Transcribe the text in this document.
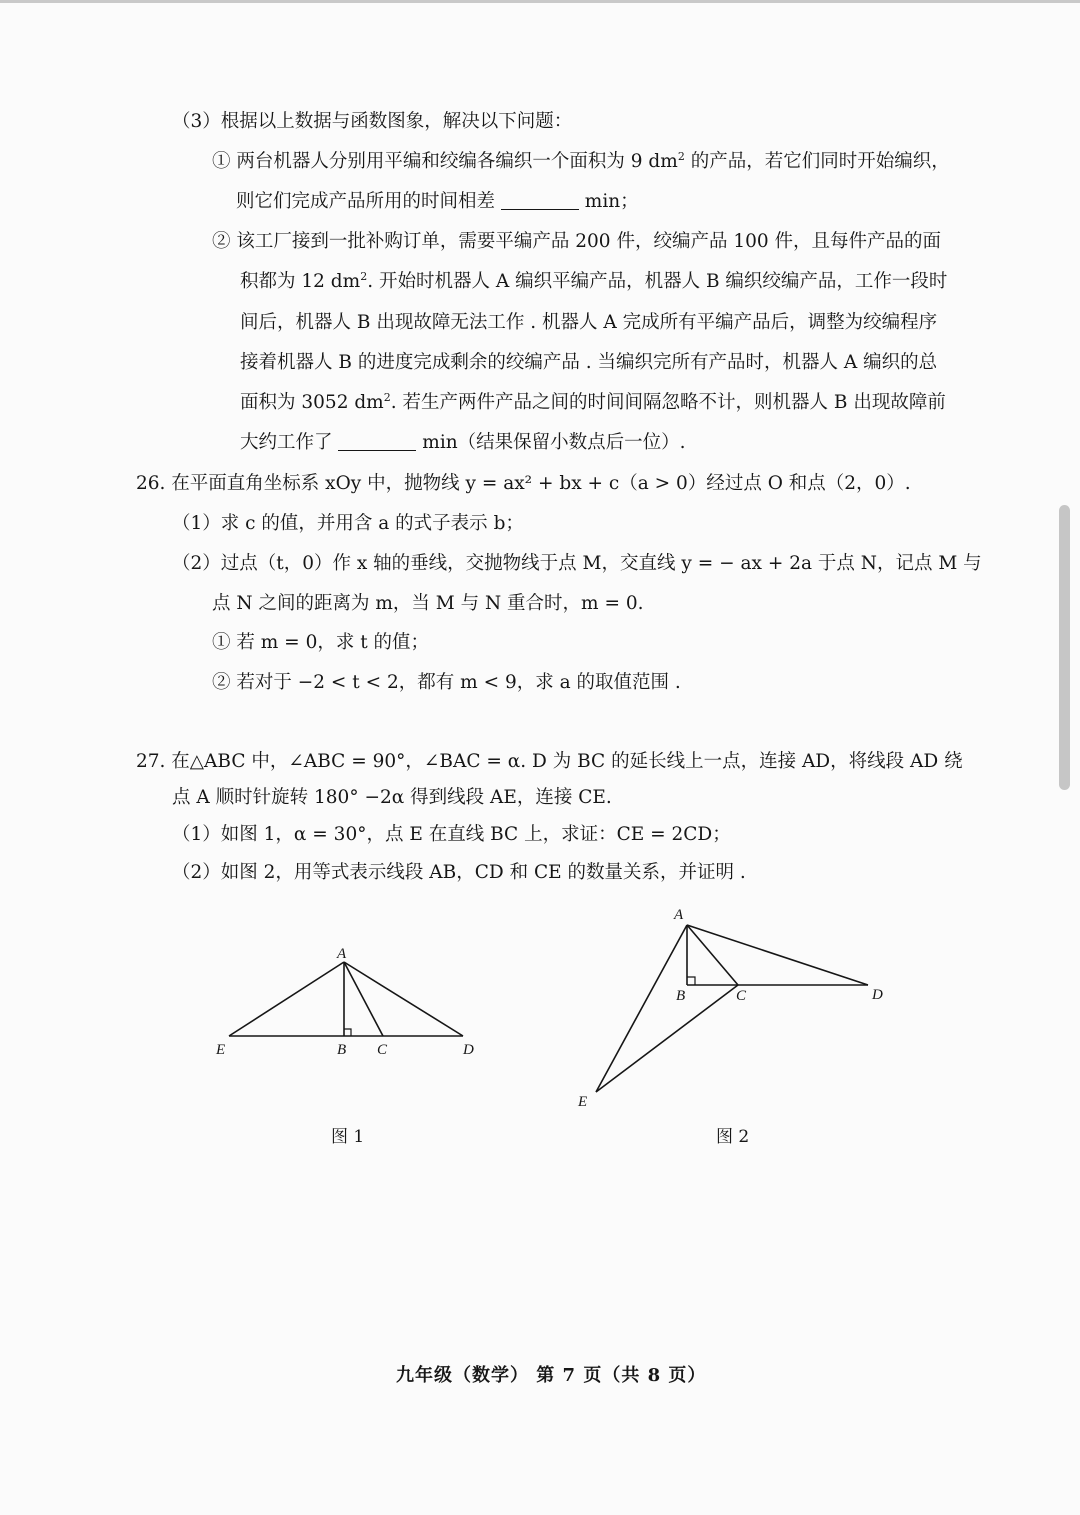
（3）根据以上数据与函数图象，解决以下问题：
① 两台机器人分别用平编和绞编各编织一个面积为 9 $dm^2$ 的产品，若它们同时开始编织，
则它们完成产品所用的时间相差	min；
② 该工厂接到一批补购订单，需要平编产品 200 件，绞编产品 100 件，且每件产品的面
积都为 12 $dm^2$. 开始时机器人 A 编织平编产品，机器人 B 编织绞编产品，工作一段时
间后，机器人 B 出现故障无法工作 . 机器人 A 完成所有平编产品后，调整为绞编程序
接着机器人 B 的进度完成剩余的绞编产品 . 当编织完所有产品时，机器人 A 编织的总
面积为 3052 $dm^2$. 若生产两件产品之间的时间间隔忽略不计，则机器人 B 出现故障前
大约工作了	min（结果保留小数点后一位）.
26. 在平面直角坐标系 xOy 中，抛物线 y = ax² + bx + c（a > 0）经过点 O 和点（2，0）.
（1）求 c 的值，并用含 a 的式子表示 b；
（2）过点（t，0）作 x 轴的垂线，交抛物线于点 M，交直线 y = − ax + 2a 于点 N，记点 M 与
点 N 之间的距离为 m，当 M 与 N 重合时，m = 0.
① 若 m = 0，求 t 的值；
② 若对于 −2 < t < 2，都有 m < 9，求 a 的取值范围 .
27. 在△ABC 中，∠ABC = 90°，∠BAC = α. D 为 BC 的延长线上一点，连接 AD，将线段 AD 绕
点 A 顺时针旋转 180° −2α 得到线段 AE，连接 CE.
（1）如图 1，α = 30°，点 E 在直线 BC 上，求证：CE = 2CD；
（2）如图 2，用等式表示线段 AB，CD 和 CE 的数量关系，并证明 .
A
E	B C	D
图 1
A
B	C	D
E
图 2
九年级（数学） 第 7 页（共 8 页）
